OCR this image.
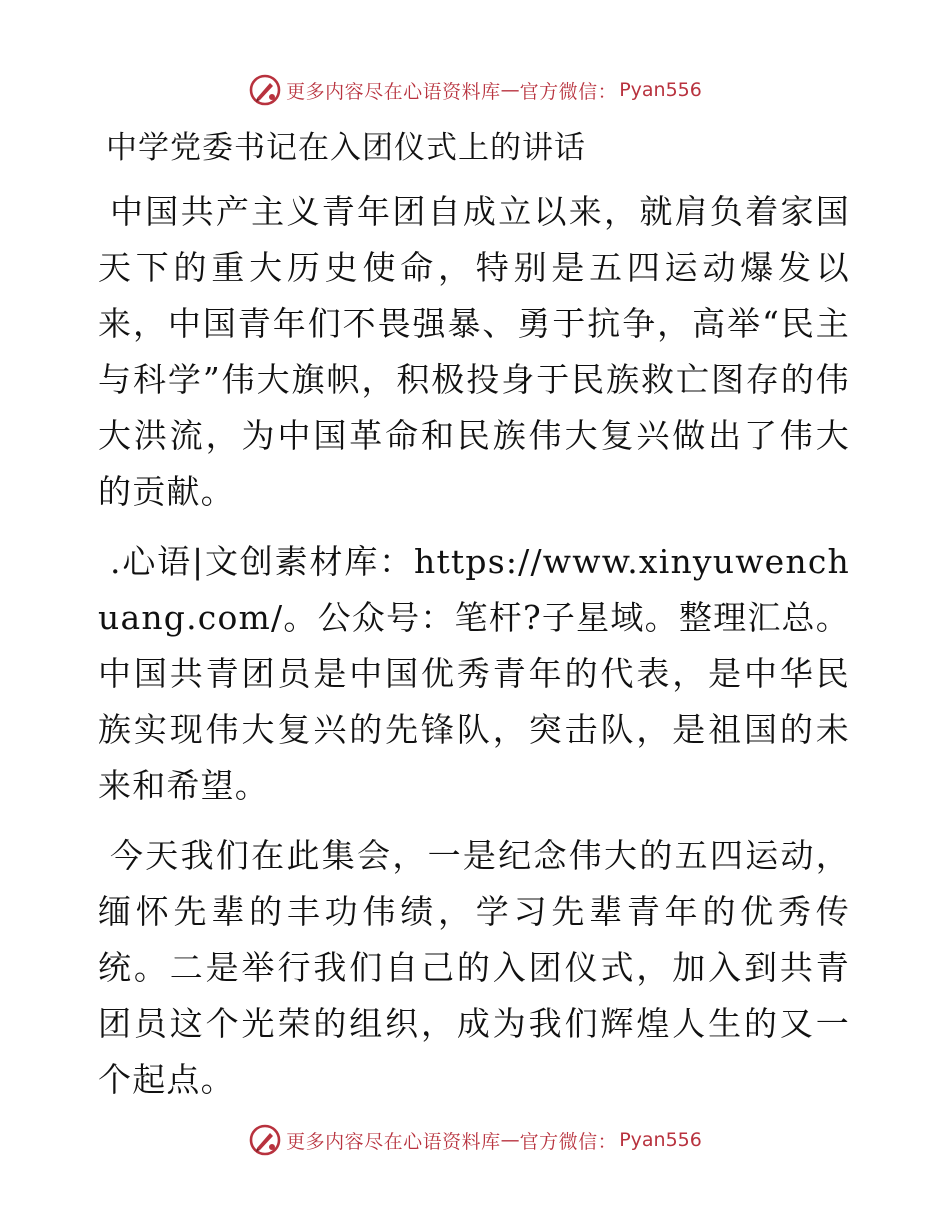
更多内容尽在心语资料库 — 官方微信： Pyan556
中学党委书记在入团仪式上的讲话
中国共产主义青年团自成立以来，就肩负着家国天下的重大历史使命，特别是五四运动爆发以来，中国青年们不畏强暴、勇于抗争，高举“民主与科学”伟大旗帜，积极投身于民族救亡图存的伟大洪流，为中国革命和民族伟大复兴做出了伟大的贡献。
.心语|文创素材库：https://www.xinyuwenchuang.com/。公众号：笔杆?子星域。整理汇总。中国共青团员是中国优秀青年的代表，是中华民族实现伟大复兴的先锋队，突击队，是祖国的未来和希望。
今天我们在此集会，一是纪念伟大的五四运动，缅怀先辈的丰功伟绩，学习先辈青年的优秀传统。二是举行我们自己的入团仪式，加入到共青团员这个光荣的组织，成为我们辉煌人生的又一个起点。
更多内容尽在心语资料库 — 官方微信： Pyan556
